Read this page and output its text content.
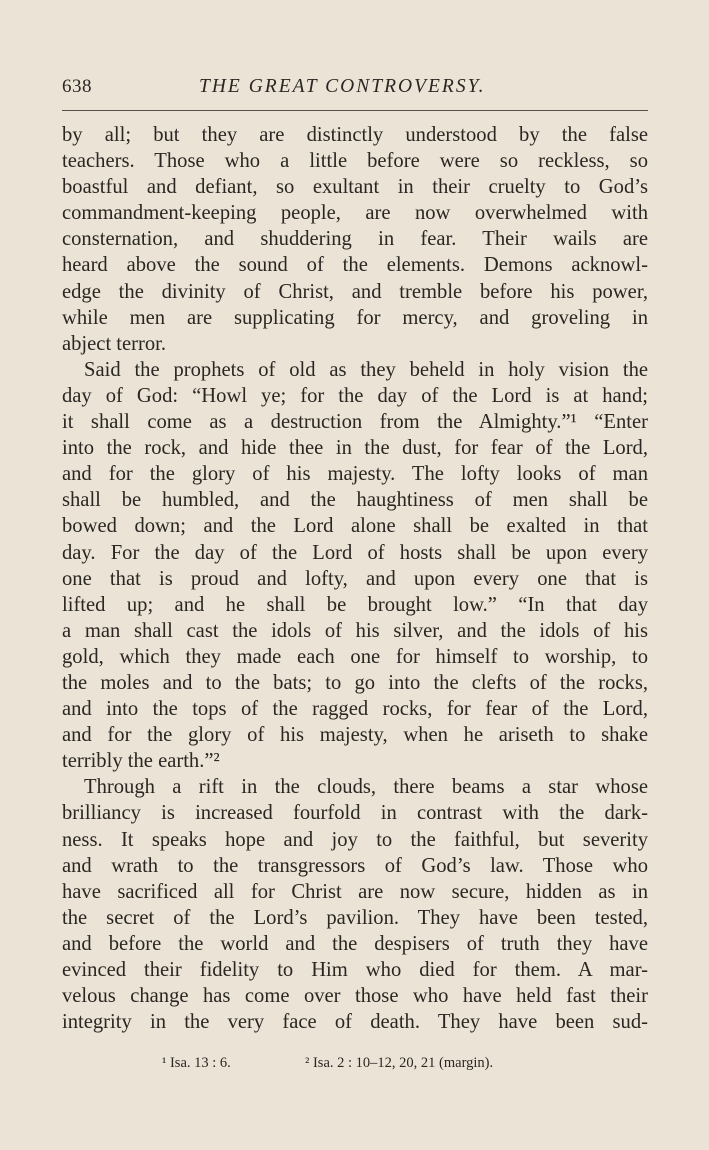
638	THE GREAT CONTROVERSY.
by all; but they are distinctly understood by the false
teachers. Those who a little before were so reckless, so
boastful and defiant, so exultant in their cruelty to God’s
commandment-keeping people, are now overwhelmed with
consternation, and shuddering in fear. Their wails are
heard above the sound of the elements. Demons acknowl-
edge the divinity of Christ, and tremble before his power,
while men are supplicating for mercy, and groveling in
abject terror.
Said the prophets of old as they beheld in holy vision the
day of God: “Howl ye; for the day of the Lord is at hand;
it shall come as a destruction from the Almighty.”¹ “Enter
into the rock, and hide thee in the dust, for fear of the Lord,
and for the glory of his majesty. The lofty looks of man
shall be humbled, and the haughtiness of men shall be
bowed down; and the Lord alone shall be exalted in that
day. For the day of the Lord of hosts shall be upon every
one that is proud and lofty, and upon every one that is
lifted up; and he shall be brought low.” “In that day
a man shall cast the idols of his silver, and the idols of his
gold, which they made each one for himself to worship, to
the moles and to the bats; to go into the clefts of the rocks,
and into the tops of the ragged rocks, for fear of the Lord,
and for the glory of his majesty, when he ariseth to shake
terribly the earth.”²
Through a rift in the clouds, there beams a star whose
brilliancy is increased fourfold in contrast with the dark-
ness. It speaks hope and joy to the faithful, but severity
and wrath to the transgressors of God’s law. Those who
have sacrificed all for Christ are now secure, hidden as in
the secret of the Lord’s pavilion. They have been tested,
and before the world and the despisers of truth they have
evinced their fidelity to Him who died for them. A mar-
velous change has come over those who have held fast their
integrity in the very face of death. They have been sud-
¹ Isa. 13 : 6.	² Isa. 2 : 10–12, 20, 21 (margin).
